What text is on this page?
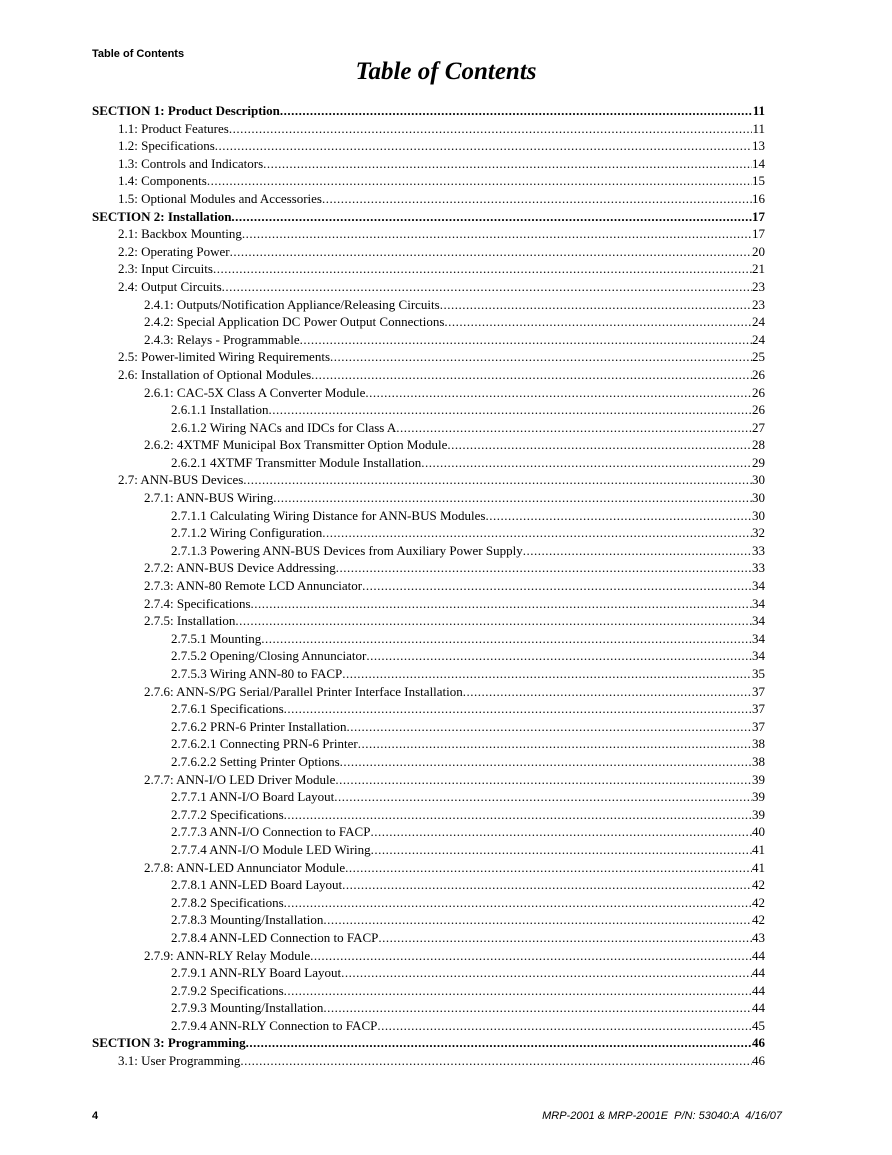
Table of Contents
Table of Contents
SECTION 1: Product Description .....	11
1.1: Product Features .....	11
1.2: Specifications .....	13
1.3: Controls and Indicators .....	14
1.4: Components .....	15
1.5: Optional Modules and Accessories .....	16
SECTION 2: Installation .....	17
2.1: Backbox Mounting .....	17
2.2: Operating Power .....	20
2.3: Input Circuits .....	21
2.4: Output Circuits .....	23
2.4.1: Outputs/Notification Appliance/Releasing Circuits .....	23
2.4.2: Special Application DC Power Output Connections .....	24
2.4.3: Relays - Programmable .....	24
2.5: Power-limited Wiring Requirements .....	25
2.6: Installation of Optional Modules .....	26
2.6.1: CAC-5X Class A Converter Module .....	26
2.6.1.1 Installation .....	26
2.6.1.2 Wiring NACs and IDCs for Class A .....	27
2.6.2: 4XTMF Municipal Box Transmitter Option Module .....	28
2.6.2.1 4XTMF Transmitter Module Installation .....	29
2.7: ANN-BUS Devices .....	30
2.7.1: ANN-BUS Wiring .....	30
2.7.1.1 Calculating Wiring Distance for ANN-BUS Modules .....	30
2.7.1.2 Wiring Configuration .....	32
2.7.1.3 Powering ANN-BUS Devices from Auxiliary Power Supply .....	33
2.7.2: ANN-BUS Device Addressing .....	33
2.7.3: ANN-80 Remote LCD Annunciator .....	34
2.7.4: Specifications .....	34
2.7.5: Installation .....	34
2.7.5.1 Mounting .....	34
2.7.5.2 Opening/Closing Annunciator .....	34
2.7.5.3 Wiring ANN-80 to FACP .....	35
2.7.6: ANN-S/PG Serial/Parallel Printer Interface Installation .....	37
2.7.6.1 Specifications .....	37
2.7.6.2 PRN-6 Printer Installation .....	37
2.7.6.2.1 Connecting PRN-6 Printer .....	38
2.7.6.2.2 Setting Printer Options .....	38
2.7.7: ANN-I/O LED Driver Module .....	39
2.7.7.1 ANN-I/O Board Layout .....	39
2.7.7.2 Specifications .....	39
2.7.7.3 ANN-I/O Connection to FACP .....	40
2.7.7.4 ANN-I/O Module LED Wiring .....	41
2.7.8: ANN-LED Annunciator Module .....	41
2.7.8.1 ANN-LED Board Layout .....	42
2.7.8.2 Specifications .....	42
2.7.8.3 Mounting/Installation .....	42
2.7.8.4 ANN-LED Connection to FACP .....	43
2.7.9: ANN-RLY Relay Module .....	44
2.7.9.1 ANN-RLY Board Layout .....	44
2.7.9.2 Specifications .....	44
2.7.9.3 Mounting/Installation .....	44
2.7.9.4 ANN-RLY Connection to FACP .....	45
SECTION 3: Programming .....	46
3.1: User Programming .....	46
4	MRP-2001 & MRP-2001E  P/N: 53040:A  4/16/07
